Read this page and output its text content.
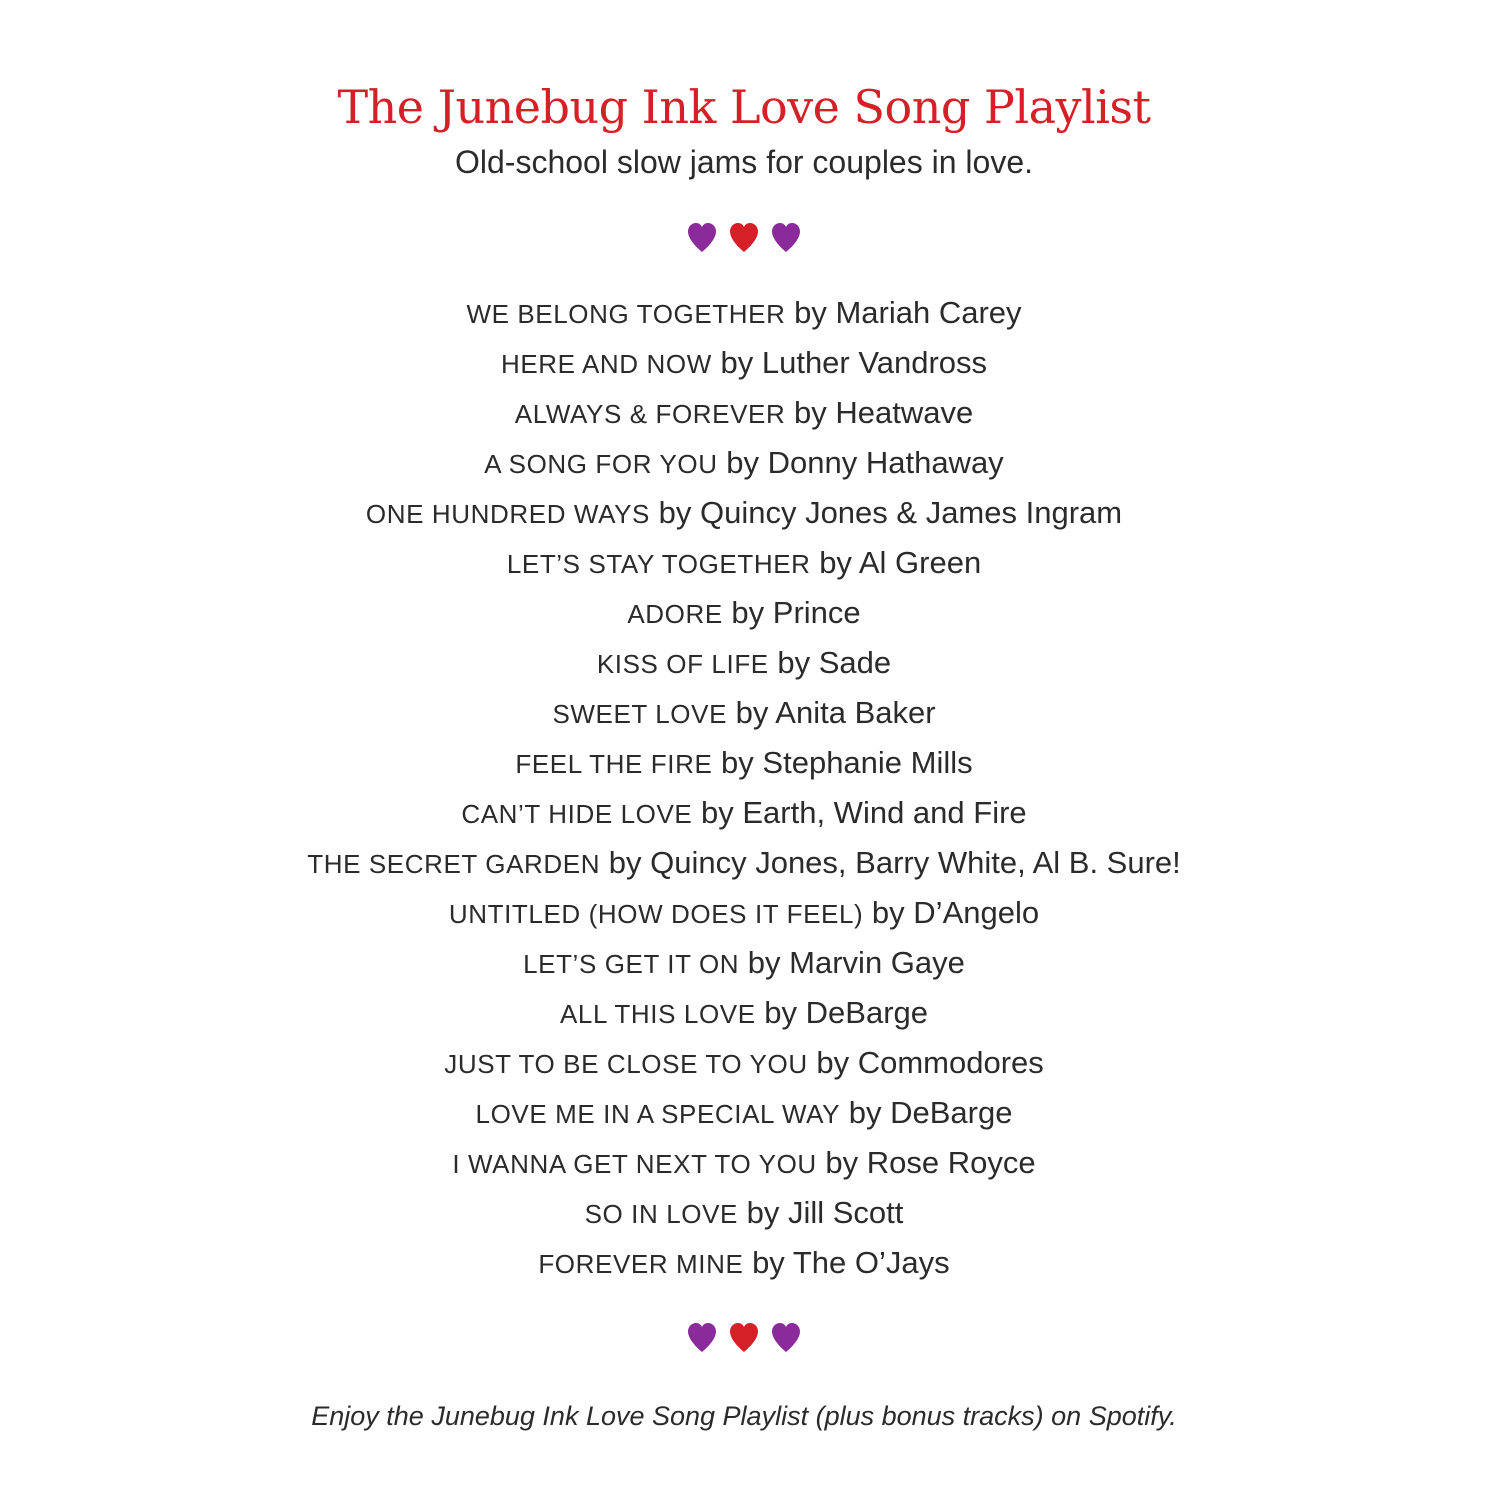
The Junebug Ink Love Song Playlist
Old-school slow jams for couples in love.
WE BELONG TOGETHER by Mariah Carey
HERE AND NOW by Luther Vandross
ALWAYS & FOREVER by Heatwave
A SONG FOR YOU by Donny Hathaway
ONE HUNDRED WAYS by Quincy Jones & James Ingram
LET’S STAY TOGETHER by Al Green
ADORE by Prince
KISS OF LIFE by Sade
SWEET LOVE by Anita Baker
FEEL THE FIRE by Stephanie Mills
CAN’T HIDE LOVE by Earth, Wind and Fire
THE SECRET GARDEN by Quincy Jones, Barry White, Al B. Sure!
UNTITLED (HOW DOES IT FEEL) by D’Angelo
LET’S GET IT ON by Marvin Gaye
ALL THIS LOVE by DeBarge
JUST TO BE CLOSE TO YOU by Commodores
LOVE ME IN A SPECIAL WAY by DeBarge
I WANNA GET NEXT TO YOU by Rose Royce
SO IN LOVE by Jill Scott
FOREVER MINE by The O’Jays
Enjoy the Junebug Ink Love Song Playlist (plus bonus tracks) on Spotify.
